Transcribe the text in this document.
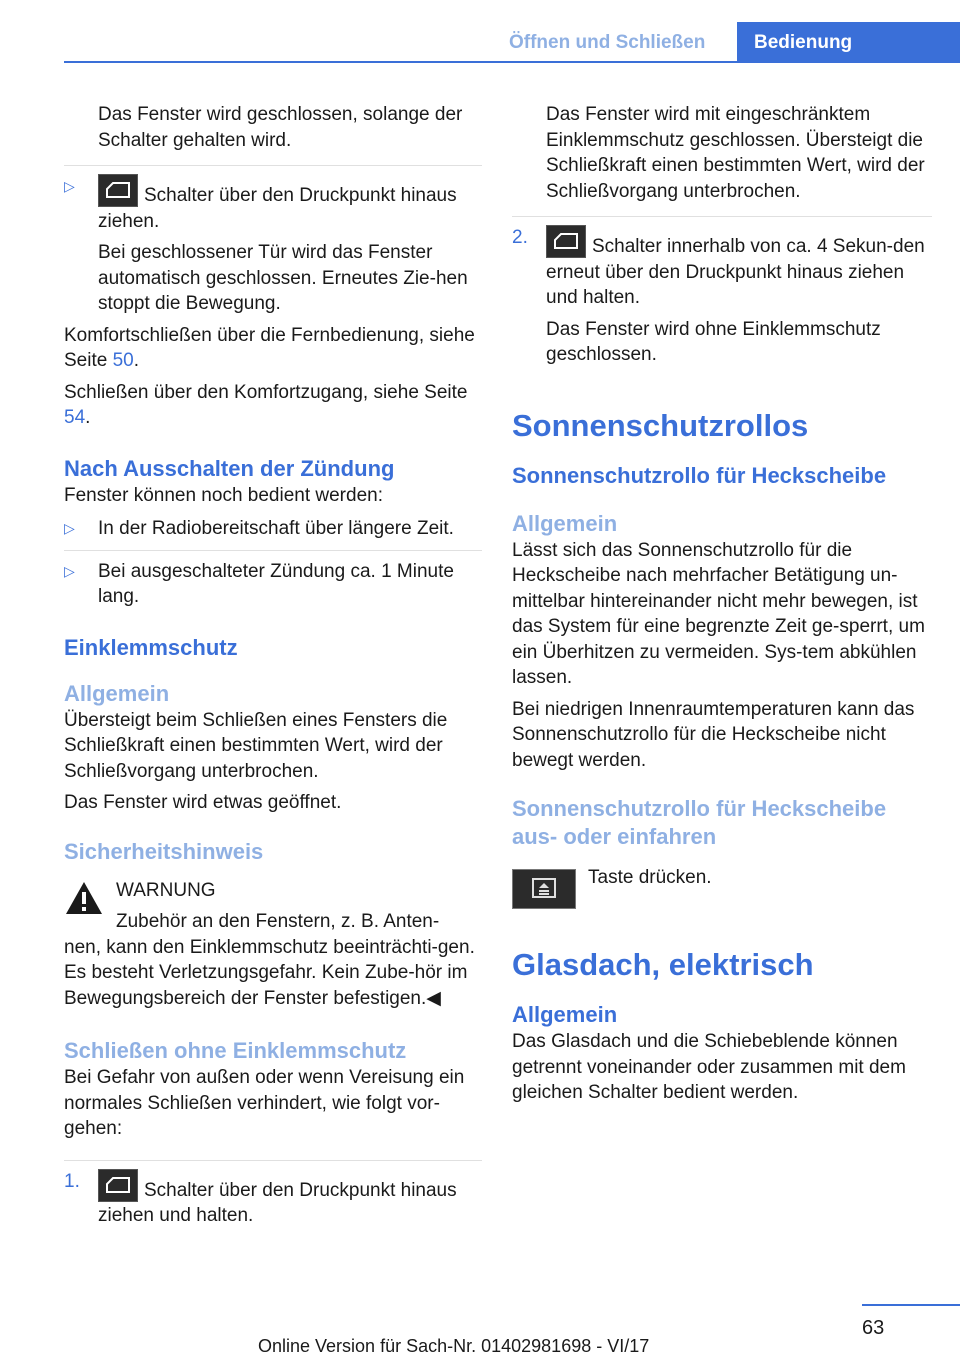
Öffnen und Schließen	Bedienung

Das Fenster wird geschlossen, solange der Schalter gehalten wird.

▷	Schalter über den Druckpunkt hinaus ziehen.

Bei geschlossener Tür wird das Fenster automatisch geschlossen. Erneutes Zie‐hen stoppt die Bewegung.

Komfortschließen über die Fernbedienung, siehe Seite 50.

Schließen über den Komfortzugang, siehe Seite 54.

Nach Ausschalten der Zündung

Fenster können noch bedient werden:

▷ In der Radiobereitschaft über längere Zeit.

▷ Bei ausgeschalteter Zündung ca. 1 Minute lang.

Einklemmschutz
Allgemein

Übersteigt beim Schließen eines Fensters die Schließkraft einen bestimmten Wert, wird der Schließvorgang unterbrochen.

Das Fenster wird etwas geöffnet.

Sicherheitshinweis

WARNUNG

Zubehör an den Fenstern, z. B. Anten‐

nen, kann den Einklemmschutz beeinträchti‐gen. Es besteht Verletzungsgefahr. Kein Zube‐hör im Bewegungsbereich der Fenster befestigen.◀

Schließen ohne Einklemmschutz

Bei Gefahr von außen oder wenn Vereisung ein normales Schließen verhindert, wie folgt vor‐gehen:

1.	Schalter über den Druckpunkt hinaus ziehen und halten.

Das Fenster wird mit eingeschränktem Einklemmschutz geschlossen. Übersteigt die Schließkraft einen bestimmten Wert, wird der Schließvorgang unterbrochen.

2.	Schalter innerhalb von ca. 4 Sekun‐den erneut über den Druckpunkt hinaus ziehen und halten.

Das Fenster wird ohne Einklemmschutz geschlossen.

Sonnenschutzrollos
Sonnenschutzrollo für Heckscheibe
Allgemein

Lässt sich das Sonnenschutzrollo für die Heckscheibe nach mehrfacher Betätigung un‐mittelbar hintereinander nicht mehr bewegen, ist das System für eine begrenzte Zeit ge‐sperrt, um ein Überhitzen zu vermeiden. Sys‐tem abkühlen lassen.

Bei niedrigen Innenraumtemperaturen kann das Sonnenschutzrollo für die Heckscheibe nicht bewegt werden.

Sonnenschutzrollo für Heckscheibe aus- oder einfahren

Taste drücken.

Glasdach, elektrisch
Allgemein

Das Glasdach und die Schiebeblende können getrennt voneinander oder zusammen mit dem gleichen Schalter bedient werden.

63
Online Version für Sach-Nr. 01402981698 - VI/17
